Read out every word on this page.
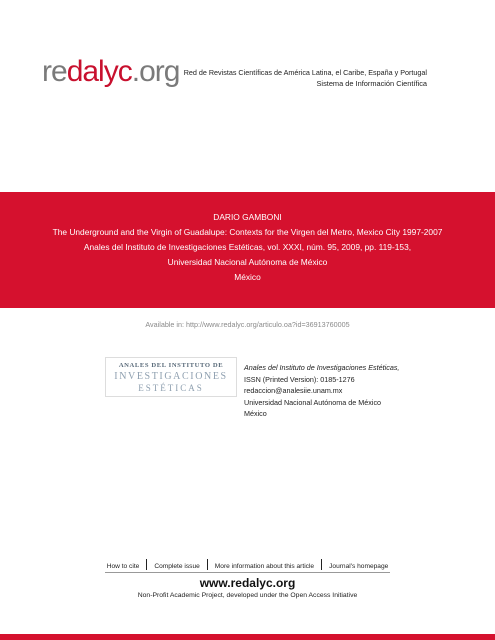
redalyc.org Red de Revistas Científicas de América Latina, el Caribe, España y Portugal
Sistema de Información Científica
DARIO GAMBONI
The Underground and the Virgin of Guadalupe: Contexts for the Virgen del Metro, Mexico City 1997-2007
Anales del Instituto de Investigaciones Estéticas, vol. XXXI, núm. 95, 2009, pp. 119-153,
Universidad Nacional Autónoma de México
México
Available in: http://www.redalyc.org/articulo.oa?id=36913760005
ANALES DEL INSTITUTO DE
INVESTIGACIONES
ESTÉTICAS
Anales del Instituto de Investigaciones Estéticas,
ISSN (Printed Version): 0185-1276
redaccion@analesiie.unam.mx
Universidad Nacional Autónoma de México
México
How to cite Complete issue More information about this article Journal's homepage
www.redalyc.org
Non-Profit Academic Project, developed under the Open Access Initiative
